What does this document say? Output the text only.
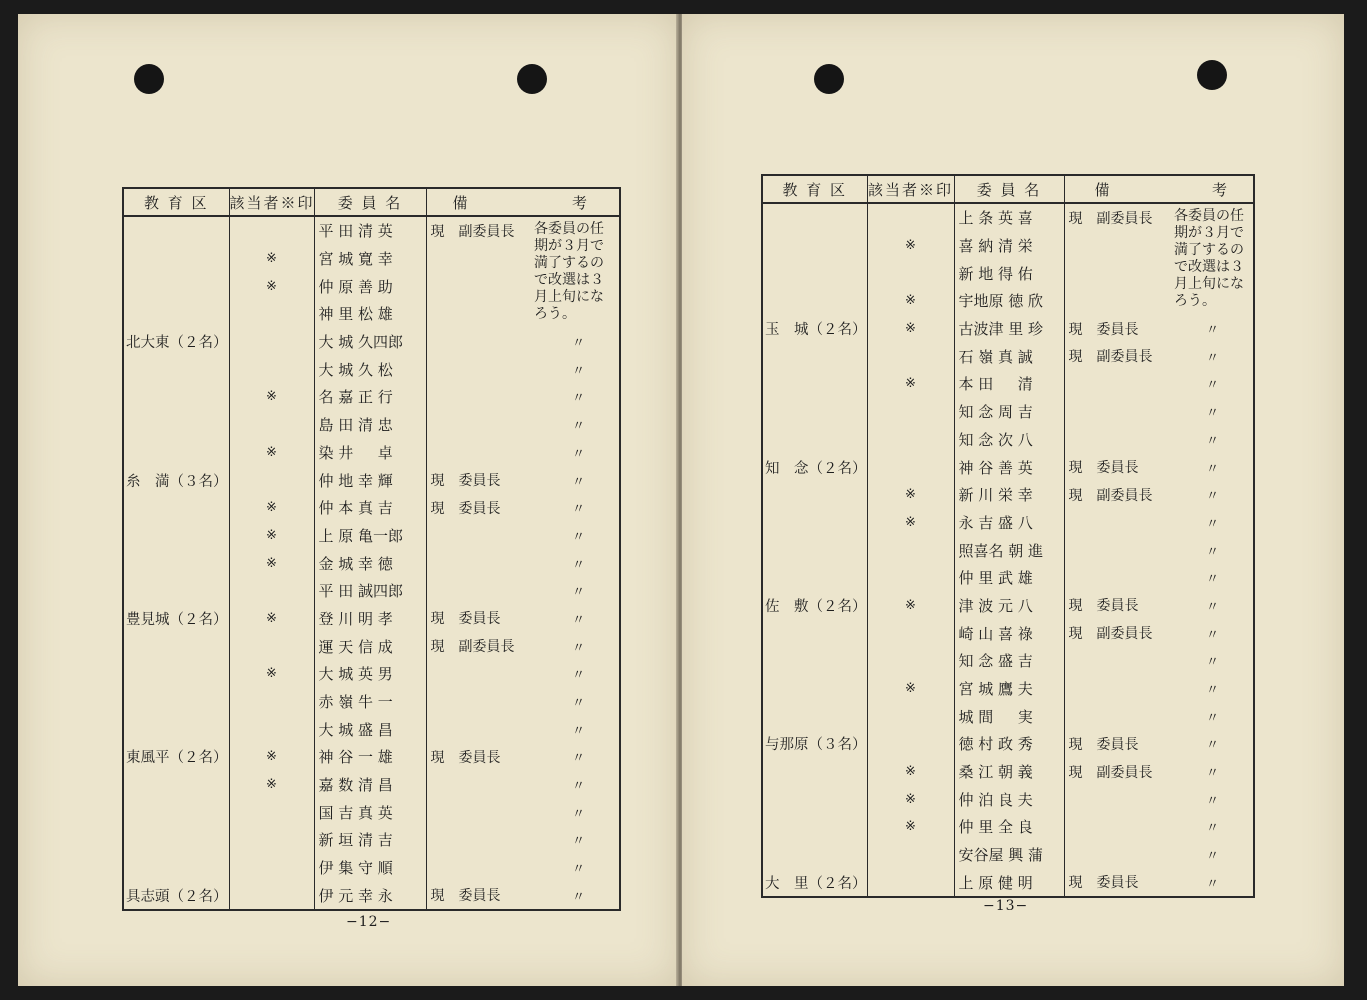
教 育 区	該当者※印	委 員 名	備	考
		平 田 清 英	現　副委員長	各委員の任期が３月で満了するので改選は３月上旬になろう。
	※	宮 城 寛 幸		
	※	仲 原 善 助		
		神 里 松 雄		
北大東（２名）		大 城 久四郎		〃
		大 城 久 松		〃
	※	名 嘉 正 行		〃
		島 田 清 忠		〃
	※	染 井 　 卓		〃
糸　満（３名）		仲 地 幸 輝	現　委員長	〃
	※	仲 本 真 吉	現　委員長	〃
	※	上 原 亀一郎		〃
	※	金 城 幸 徳		〃
		平 田 誠四郎		〃
豊見城（２名）	※	登 川 明 孝	現　委員長	〃
		運 天 信 成	現　副委員長	〃
	※	大 城 英 男		〃
		赤 嶺 牛 一		〃
		大 城 盛 昌		〃
東風平（２名）	※	神 谷 一 雄	現　委員長	〃
	※	嘉 数 清 昌		〃
		国 吉 真 英		〃
		新 垣 清 吉		〃
		伊 集 守 順		〃
具志頭（２名）		伊 元 幸 永	現　委員長	〃
−12−
教 育 区	該当者※印	委 員 名	備	考
		上 条 英 喜	現　副委員長	各委員の任期が３月で満了するので改選は３月上旬になろう。
	※	喜 納 清 栄		
		新 地 得 佑		
	※	宇地原 徳 欣		
玉　城（２名）	※	古波津 里 珍	現　委員長	〃
		石 嶺 真 誠	現　副委員長	〃
	※	本 田 　 清		〃
		知 念 周 吉		〃
		知 念 次 八		〃
知　念（２名）		神 谷 善 英	現　委員長	〃
	※	新 川 栄 幸	現　副委員長	〃
	※	永 吉 盛 八		〃
		照喜名 朝 進		〃
		仲 里 武 雄		〃
佐　敷（２名）	※	津 波 元 八	現　委員長	〃
		崎 山 喜 祿	現　副委員長	〃
		知 念 盛 吉		〃
	※	宮 城 鷹 夫		〃
		城 間 　 実		〃
与那原（３名）		徳 村 政 秀	現　委員長	〃
	※	桑 江 朝 義	現　副委員長	〃
	※	仲 泊 良 夫		〃
	※	仲 里 全 良		〃
		安谷屋 興 蒲		〃
大　里（２名）		上 原 健 明	現　委員長	〃
−13−
